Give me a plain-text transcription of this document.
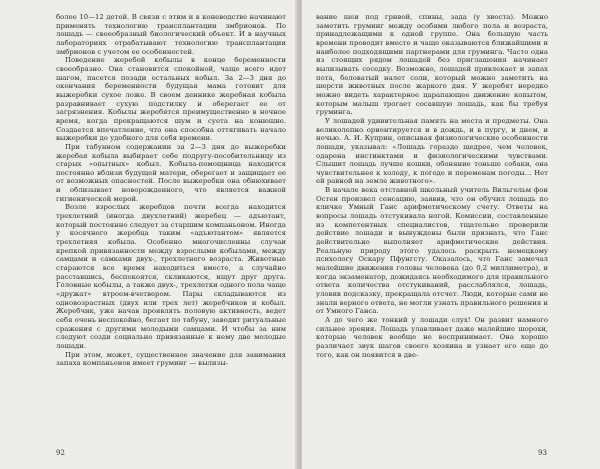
более 10—12 детей. В связи с этим и в коневодстве начинают применять технологию трансплантации эмбрионов. По лошадь — своеобразный биологический объект. И в научных лабораториях отрабатывают технологию трансплантации эмбрионов с учетом ее особенностей.

Поведение жеребой кобылы в конце беременности своеобразно. Она становится спокойной, чаще всего идет шагом, пасется позади остальных кобыл. За 2—3 дня до окончания беременности будущая мама готовит для выжеребки сухое ложе. В своем деннике жеребная кобыла разравнивает сухую подстилку и оберегает ее от загрязнения. Кобылы жеребятся преимущественно в ночное время, когда прекращаются шум и суета на конюшне. Создается впечатление, что она способна оттягивать начало выжеребки до удобного для себя времени.

При табунном содержании за 2—3 дня до выжеребки жеребая кобыла выбирает себе подругу-пособительницу из старых «опытных» кобыл. Кобыла-помощница находится постоянно вблизи будущей матери, оберегает и защищает ее от возможных опасностей. После выжеребки она обнюхивает и облизывает новорожденного, что является важной гигиенической мерой.

Возле взрослых жеребцов почти всегда находится трехлетний (иногда двухлетний) жеребец — адъютант, который постоянно следует за старшим компаньоном. Иногда у косячного жеребца таким «адъютантом» является трехлетняя кобыла. Особенно многочисленны случаи крепкой привязанности между взрослыми кобылами, между самцами и самками двух-, трехлетнего возраста. Животные стараются все время находиться вместе, а случайно расставшись, беспокоятся, скликаются, ищут друг друга. Головные кобылы, а также двух-, трехлетки одного пола чаще «дружат» втроем-вчетвером. Пары складываются из одновозрастных (двух или трех лет) жеребчиков и кобыл. Жеребчик, уже начав проявлять половую активность, ведет себя очень неспокойно, бегает по табуну, заводит ритуальные сражения с другими молодыми самцами. И чтобы за ним следуют созди социально привязанные к нему две молодые лошади.

При этом, может, существенное значение для занимания запаха компаньонов имеет груминг — вылизы-

92

вание шеи под гривой, спины, зада (у хвоста). Можно заметить груминг между особями любого пола и возраста, принадлежащими к одной группе. Она большую часть времени проводит вместе и чаще оказываются ближайшими и наиболее подходящими партнерами для груминга. Часто одна из стоящих рядом лошадей без приглашения начинает вылизывать соседку. Возможно, лошадей привлекает и запах пота, беловатый налет соли, который можно заметить на шерсти животных после жаркого дня. У жеребят нередко можно видеть характерное царапающее движение копытом, которым малыш трогает сосавшую лошадь, как бы требуя груминга.

У лошадей удивительная память на места и предметы. Она великолепно ориентируется и в дождь, и в пургу, и днем, и ночью. А. И. Куприн, описывая физиологические особенности лошади, указывал: «Лошадь гораздо щедрее, чем человек, одарена инстинктами и физиологическими чувствами. Слышит лошадь лучше кошки, обоняние тоньше собаки, она чувствительнее к холоду, к погоде и переменам погоды... Нет ей равной на земле животного».

В начале века отставной школьный учитель Вильгельм фон Остен произвел сенсацию, заявив, что он обучил лошадь по кличке Умный Ганс арифметическому счету. Ответы на вопросы лошадь отстукивала ногой. Комиссии, составленные из компетентных специалистов, тщательно проверили действие лошади и вынуждены были признать, что Ганс действительно выполняет арифметические действия. Реальную природу этого удалось раскрыть немецкому психологу Оскару Пфунгсту. Оказалось, что Ганс замечал малейшие движения головы человека (до 0,2 миллиметра), и когда экзаменатор, дожидаясь необходимого для правильного ответа количества отстукиваний, расслаблялся, лошадь, уловив подсказку, прекращала отсчет. Люди, которые сами не знали верного ответа, не могли узнать правильного решения и от Умного Ганса.

А до чего же тонкий у лошади слух! Он развит намного сильнее зрения. Лошадь улавливает даже малейшие шорохи, которые человек вообще не воспринимает. Она хорошо различает звук шагов своего хозяина и узнает его еще до того, как он появится в две-

93
